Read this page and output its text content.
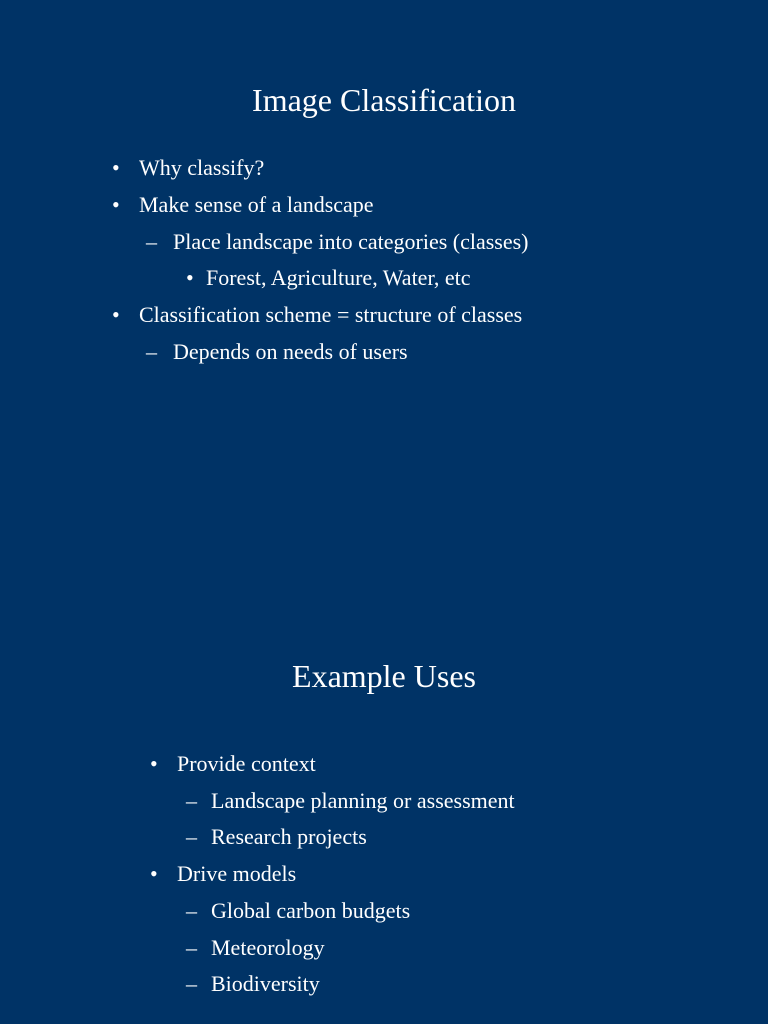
Image Classification
• Why classify?
• Make sense of a landscape
– Place landscape into categories (classes)
• Forest, Agriculture, Water, etc
• Classification scheme = structure of classes
– Depends on needs of users
Example Uses
• Provide context
– Landscape planning or assessment
– Research projects
• Drive models
– Global carbon budgets
– Meteorology
– Biodiversity
